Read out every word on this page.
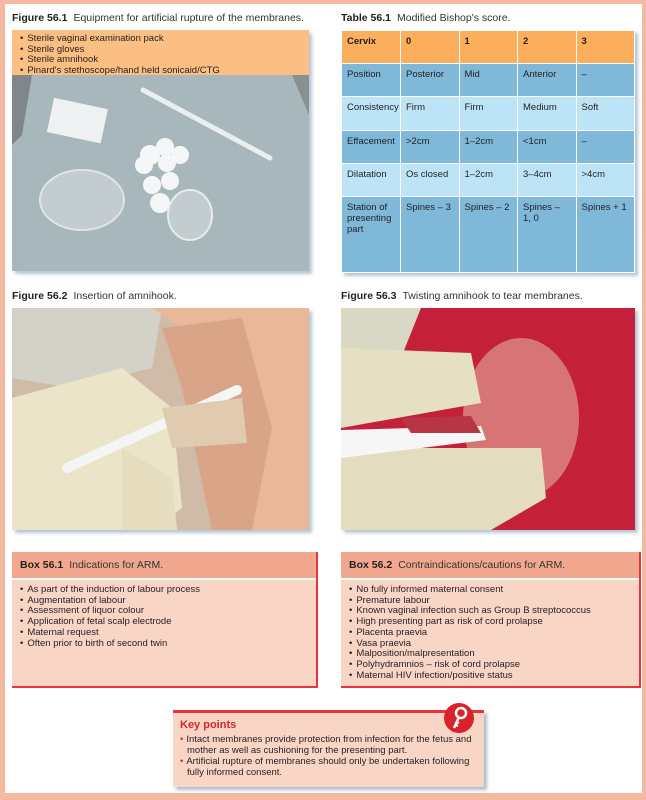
Figure 56.1 Equipment for artificial rupture of the membranes.
• Sterile vaginal examination pack
• Sterile gloves
• Sterile amnihook
• Pinard's stethoscope/hand held sonicaid/CTG
Table 56.1 Modified Bishop's score.
Cervix	0	1	2	3
Position	Posterior	Mid	Anterior	–
Consistency	Firm	Firm	Medium	Soft
Effacement	>2cm	1–2cm	<1cm	–
Dilatation	Os closed	1–2cm	3–4cm	>4cm
Station of presenting part	Spines – 3	Spines – 2	Spines – 1, 0	Spines + 1
Figure 56.2 Insertion of amnihook.	Figure 56.3 Twisting amnihook to tear membranes.
Box 56.1 Indications for ARM.
• As part of the induction of labour process
• Augmentation of labour
• Assessment of liquor colour
• Application of fetal scalp electrode
• Maternal request
• Often prior to birth of second twin
Box 56.2 Contraindications/cautions for ARM.
• No fully informed maternal consent
• Premature labour
• Known vaginal infection such as Group B streptococcus
• High presenting part as risk of cord prolapse
• Placenta praevia
• Vasa praevia
• Malposition/malpresentation
• Polyhydramnios – risk of cord prolapse
• Maternal HIV infection/positive status
Key points
• Intact membranes provide protection from infection for the fetus and mother as well as cushioning for the presenting part.
• Artificial rupture of membranes should only be undertaken following fully informed consent.
